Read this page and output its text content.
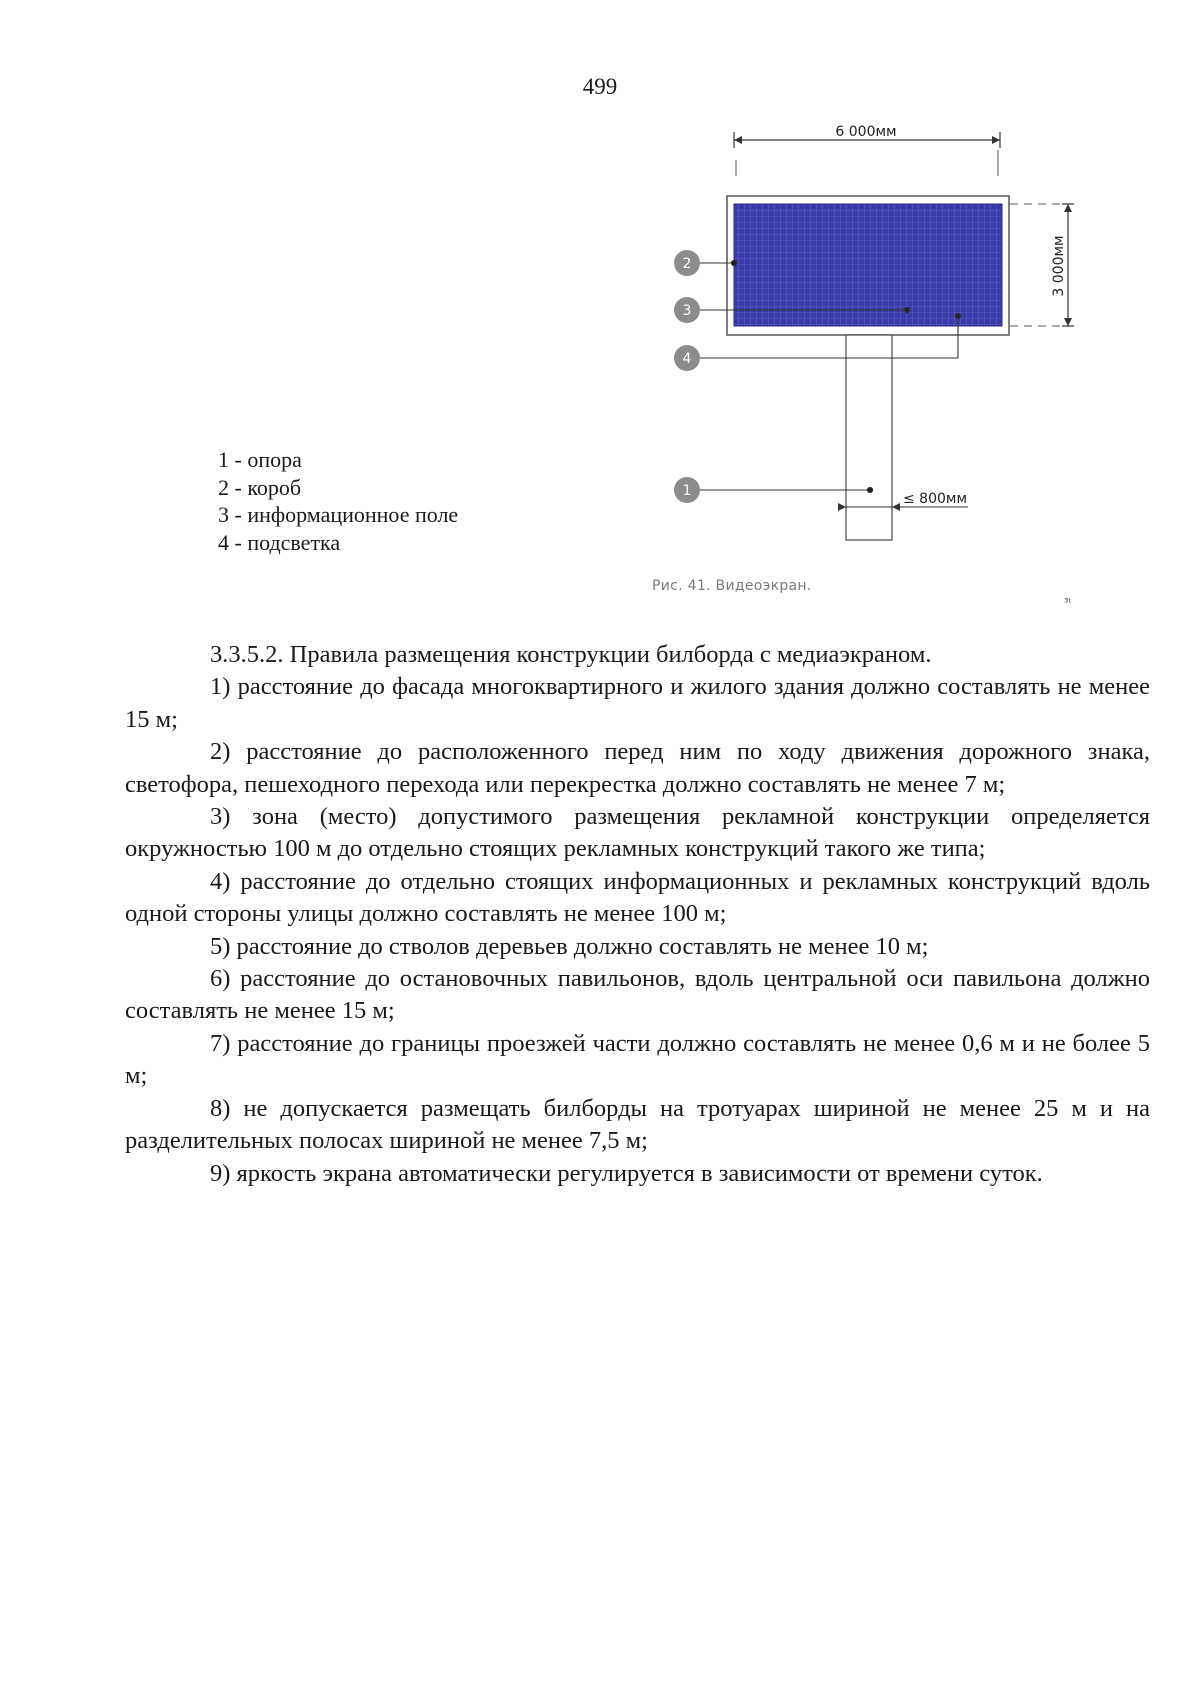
499
6 000мм
3 000мм
≤ 800мм
2
3
4
1
1 - опора
2 - короб
3 - информационное поле
4 - подсветка
Рис. 41. Видеоэкран.
³ᵗ

3.3.5.2. Правила размещения конструкции билборда с медиаэкраном.

1) расстояние до фасада многоквартирного и жилого здания должно составлять не менее 15 м;

2) расстояние до расположенного перед ним по ходу движения дорожного знака, светофора, пешеходного перехода или перекрестка должно составлять не менее 7 м;

3) зона (место) допустимого размещения рекламной конструкции определяется окружностью 100 м до отдельно стоящих рекламных конструкций такого же типа;

4) расстояние до отдельно стоящих информационных и рекламных конструкций вдоль одной стороны улицы должно составлять не менее 100 м;

5) расстояние до стволов деревьев должно составлять не менее 10 м;

6) расстояние до остановочных павильонов, вдоль центральной оси павильона должно составлять не менее 15 м;

7) расстояние до границы проезжей части должно составлять не менее 0,6 м и не более 5 м;

8) не допускается размещать билборды на тротуарах шириной не менее 25 м и на разделительных полосах шириной не менее 7,5 м;

9) яркость экрана автоматически регулируется в зависимости от времени суток.
